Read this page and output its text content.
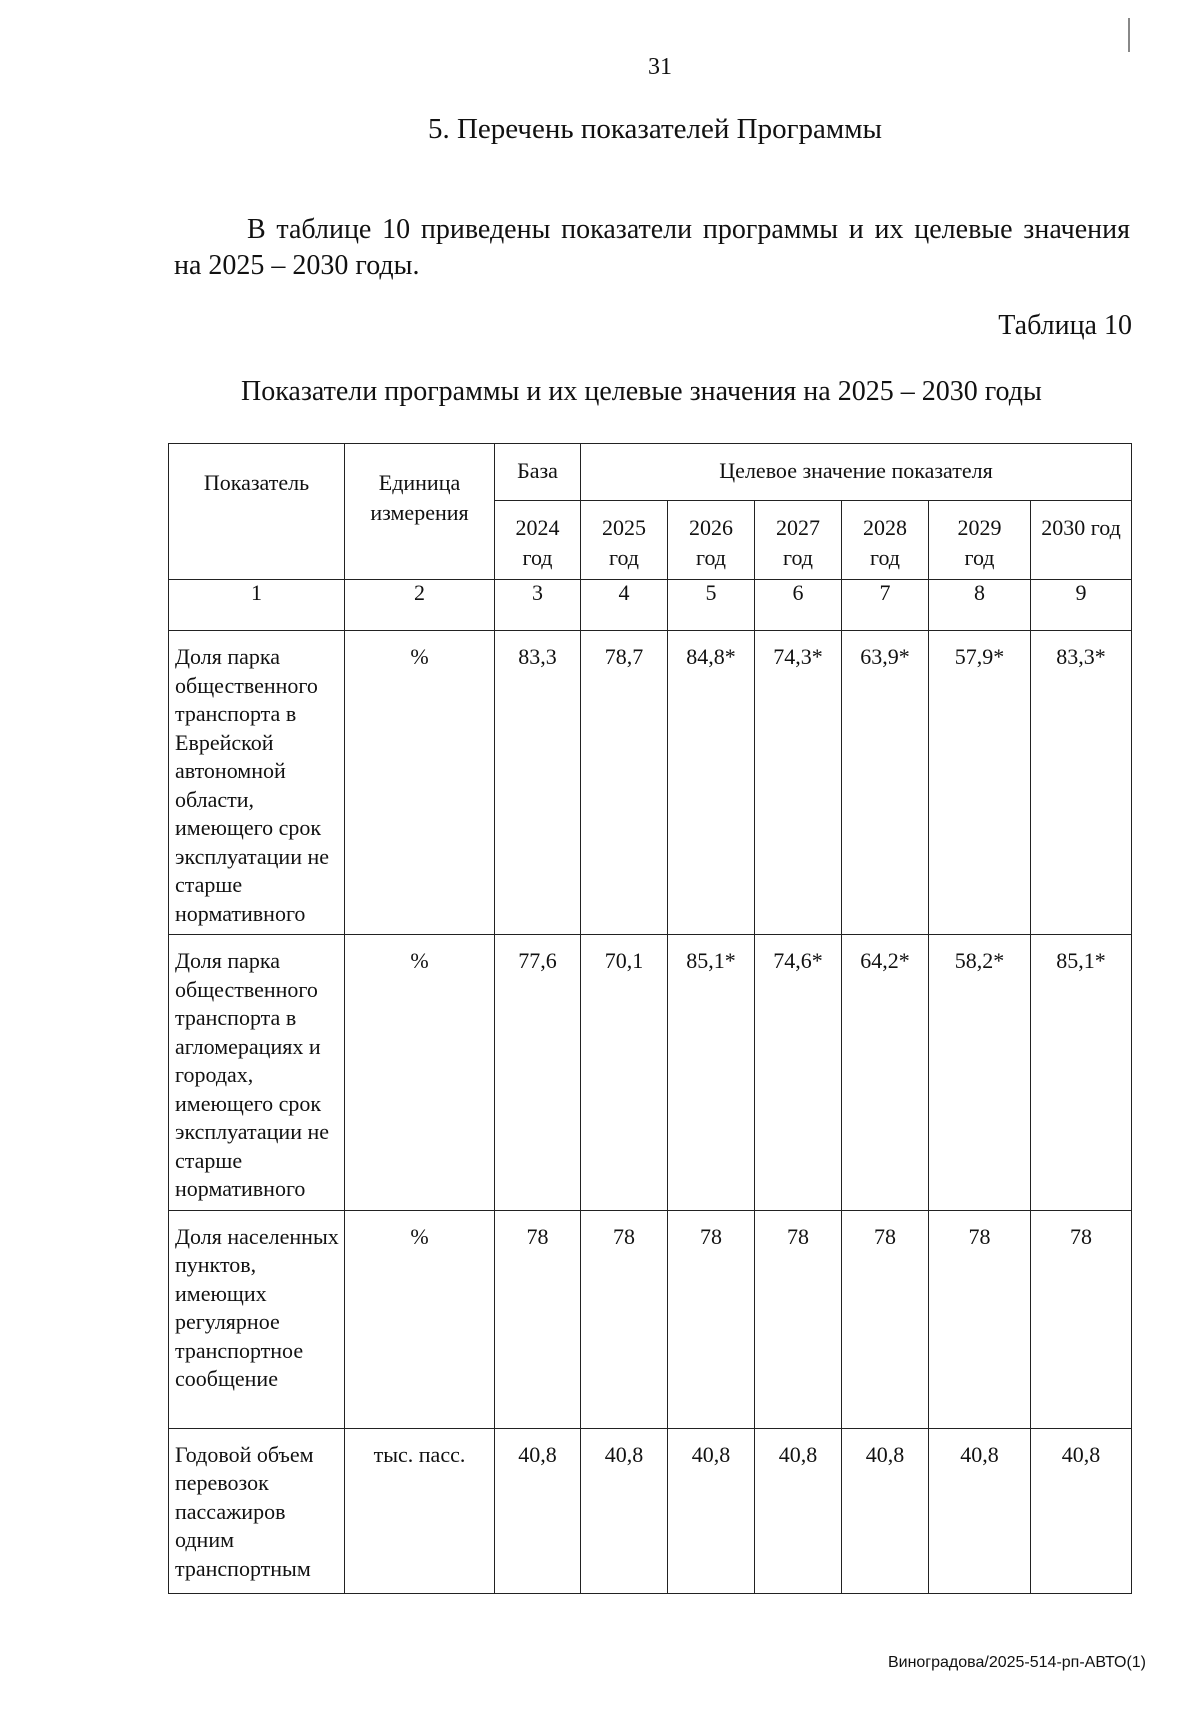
31
5. Перечень показателей Программы

В таблице 10 приведены показатели программы и их целевые значения на 2025 – 2030 годы.

Таблица 10
Показатели программы и их целевые значения на 2025 – 2030 годы
Показатель	Единица измерения	База	Целевое значение показателя					
		2024 год	2025 год	2026 год	2027 год	2028 год	2029 год	2030 год
1	2	3	4	5	6	7	8	9
Доля парка общественного транспорта в Еврейской автономной области, имеющего срок эксплуатации не старше нормативного	%	83,3	78,7	84,8*	74,3*	63,9*	57,9*	83,3*
Доля парка общественного транспорта в агломерациях и городах, имеющего срок эксплуатации не старше нормативного	%	77,6	70,1	85,1*	74,6*	64,2*	58,2*	85,1*
Доля населенных пунктов, имеющих регулярное транспортное сообщение	%	78	78	78	78	78	78	78
Годовой объем перевозок пассажиров одним транспортным	тыс. пасс.	40,8	40,8	40,8	40,8	40,8	40,8	40,8
Виноградова/2025-514-рп-АВТО(1)
